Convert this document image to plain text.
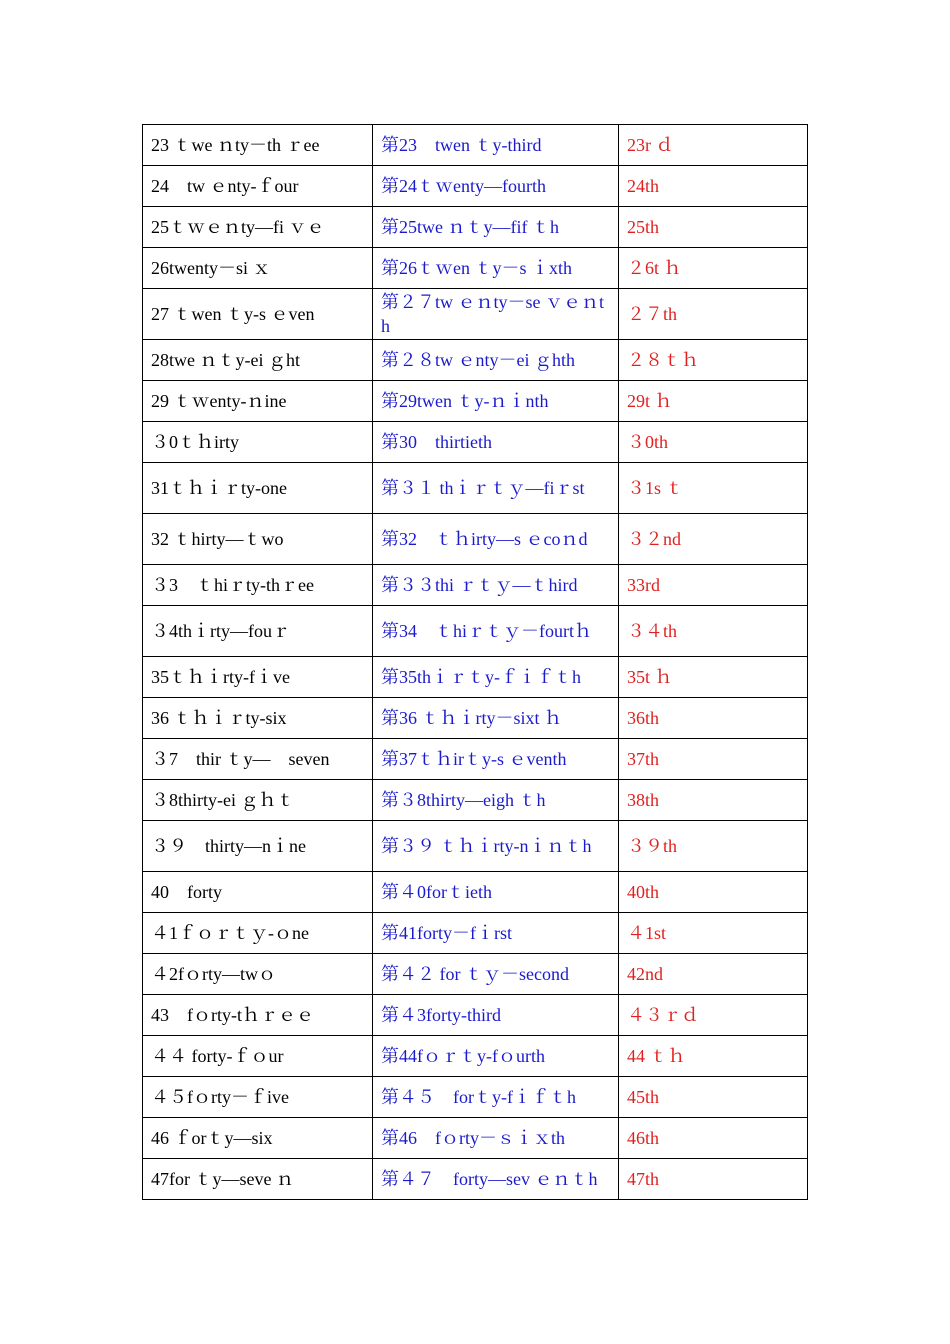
23 ｔwe ｎty－th ｒee	第23　twen ｔy-third	23r ｄ
24　tw ｅnty-ｆour	第24ｔｗenty—fourth	24th
25ｔｗｅｎty—fi ｖｅ	第25twe ｎｔy—fif ｔh	25th
26twenty－si ｘ	第26ｔｗen ｔy－s ｉxth	２6t ｈ
27 ｔwen ｔy-s ｅven	第２７tw ｅｎty－se ｖｅｎth	２７th
28twe ｎｔy-ei ｇht	第２８tw ｅnty－ei ｇhth	２８ｔｈ
29 ｔｗenty-ｎine	第29twen ｔy-ｎｉnth	29t ｈ
３0ｔｈirty	第30　thirtieth	３0th
31ｔｈｉｒty-one	第３１ thｉｒｔｙ—fiｒst	３1s ｔ
32 ｔhirty—ｔwo	第32　ｔｈirty—s ｅcoｎd	３２nd
３3　ｔhiｒty-thｒee	第３３thi ｒｔｙ—ｔhird	33rd
３4thｉrty—fouｒ	第34　ｔhiｒｔｙ－fourtｈ	３４th
35ｔｈｉrty-fｉve	第35thｉｒｔy-ｆｉｆｔh	35t ｈ
36 ｔｈｉｒty-six	第36 ｔｈｉrty－sixt ｈ	36th
３7　thir ｔy—　seven	第37ｔｈirｔy-s ｅventh	37th
３8thirty-ei ｇｈｔ	第３8thirty—eigh ｔh	38th
３９　thirty—nｉne	第３９ ｔｈｉrty-nｉｎｔh	３９th
40　forty	第４0forｔieth	40th
４1ｆｏｒｔｙ-ｏne	第41forty－fｉrst	４1st
４2fｏrty—twｏ	第４２ for ｔｙ－second	42nd
43　fｏrty-tｈｒｅｅ	第４3forty-third	４３ｒｄ
４４ forty-ｆｏur	第44fｏｒｔy-fｏurth	44 ｔｈ
４５fｏrty－ｆive	第４５　forｔy-fｉｆｔh	45th
46 ｆorｔy—six	第46　fｏrty－ｓｉｘth	46th
47for ｔy—seve ｎ	第４７　forty—sev ｅｎｔh	47th
